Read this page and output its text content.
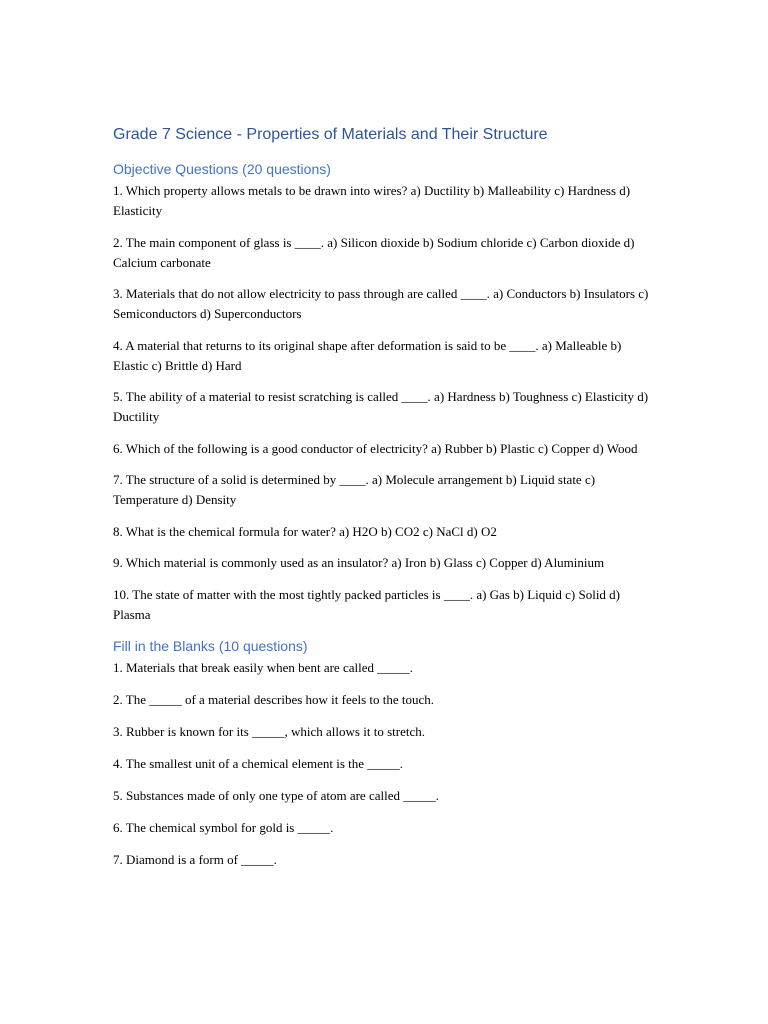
Grade 7 Science - Properties of Materials and Their Structure
Objective Questions (20 questions)

1. Which property allows metals to be drawn into wires? a) Ductility b) Malleability c) Hardness d) Elasticity

2. The main component of glass is ____. a) Silicon dioxide b) Sodium chloride c) Carbon dioxide d) Calcium carbonate

3. Materials that do not allow electricity to pass through are called ____. a) Conductors b) Insulators c) Semiconductors d) Superconductors

4. A material that returns to its original shape after deformation is said to be ____. a) Malleable b) Elastic c) Brittle d) Hard

5. The ability of a material to resist scratching is called ____. a) Hardness b) Toughness c) Elasticity d) Ductility

6. Which of the following is a good conductor of electricity? a) Rubber b) Plastic c) Copper d) Wood

7. The structure of a solid is determined by ____. a) Molecule arrangement b) Liquid state c) Temperature d) Density

8. What is the chemical formula for water? a) H2O b) CO2 c) NaCl d) O2

9. Which material is commonly used as an insulator? a) Iron b) Glass c) Copper d) Aluminium

10. The state of matter with the most tightly packed particles is ____. a) Gas b) Liquid c) Solid d) Plasma

Fill in the Blanks (10 questions)

1. Materials that break easily when bent are called _____.

2. The _____ of a material describes how it feels to the touch.

3. Rubber is known for its _____, which allows it to stretch.

4. The smallest unit of a chemical element is the _____.

5. Substances made of only one type of atom are called _____.

6. The chemical symbol for gold is _____.

7. Diamond is a form of _____.
